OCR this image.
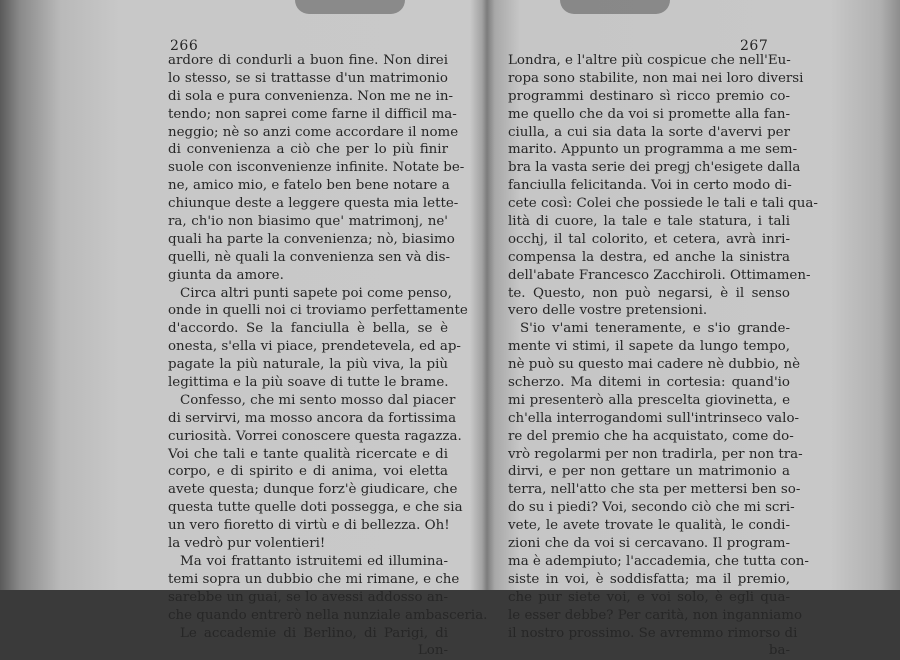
266
ardore di condurli a buon fine. Non direi
lo stesso, se si trattasse d'un matrimonio
di sola e pura convenienza. Non me ne in-
tendo; non saprei come farne il difficil ma-
neggio; nè so anzi come accordare il nome
di convenienza a ciò che per lo più finir
suole con isconvenienze infinite. Notate be-
ne, amico mio, e fatelo ben bene notare a
chiunque deste a leggere questa mia lette-
ra, ch'io non biasimo que' matrimonj, ne'
quali ha parte la convenienza; nò, biasimo
quelli, nè quali la convenienza sen và dis-
giunta da amore.
Circa altri punti sapete poi come penso,
onde in quelli noi ci troviamo perfettamente
d'accordo. Se la fanciulla è bella, se è
onesta, s'ella vi piace, prendetevela, ed ap-
pagate la più naturale, la più viva, la più
legittima e la più soave di tutte le brame.
Confesso, che mi sento mosso dal piacer
di servirvi, ma mosso ancora da fortissima
curiosità. Vorrei conoscere questa ragazza.
Voi che tali e tante qualità ricercate e di
corpo, e di spirito e di anima, voi eletta
avete questa; dunque forz'è giudicare, che
questa tutte quelle doti possegga, e che sia
un vero fioretto di virtù e di bellezza. Oh!
la vedrò pur volentieri!
Ma voi frattanto istruitemi ed illumina-
temi sopra un dubbio che mi rimane, e che
sarebbe un guai, se lo avessi addosso an-
che quando entrerò nella nunziale ambasceria.
Le accademie di Berlino, di Parigi, di
Lon-
267
Londra, e l'altre più cospicue che nell'Eu-
ropa sono stabilite, non mai nei loro diversi
programmi destinaro sì ricco premio co-
me quello che da voi si promette alla fan-
ciulla, a cui sia data la sorte d'avervi per
marito. Appunto un programma a me sem-
bra la vasta serie dei pregj ch'esigete dalla
fanciulla felicitanda. Voi in certo modo di-
cete così: Colei che possiede le tali e tali qua-
lità di cuore, la tale e tale statura, i tali
occhj, il tal colorito, et cetera, avrà inri-
compensa la destra, ed anche la sinistra
dell'abate Francesco Zacchiroli. Ottimamen-
te. Questo, non può negarsi, è il senso
vero delle vostre pretensioni.
S'io v'ami teneramente, e s'io grande-
mente vi stimi, il sapete da lungo tempo,
nè può su questo mai cadere nè dubbio, nè
scherzo. Ma ditemi in cortesia: quand'io
mi presenterò alla prescelta giovinetta, e
ch'ella interrogandomi sull'intrinseco valo-
re del premio che ha acquistato, come do-
vrò regolarmi per non tradirla, per non tra-
dirvi, e per non gettare un matrimonio a
terra, nell'atto che sta per mettersi ben so-
do su i piedi? Voi, secondo ciò che mi scri-
vete, le avete trovate le qualità, le condi-
zioni che da voi si cercavano. Il program-
ma è adempiuto; l'accademia, che tutta con-
siste in voi, è soddisfatta; ma il premio,
che pur siete voi, e voi solo, è egli qua-
le esser debbe? Per carità, non inganniamo
il nostro prossimo. Se avremmo rimorso di
ba-
